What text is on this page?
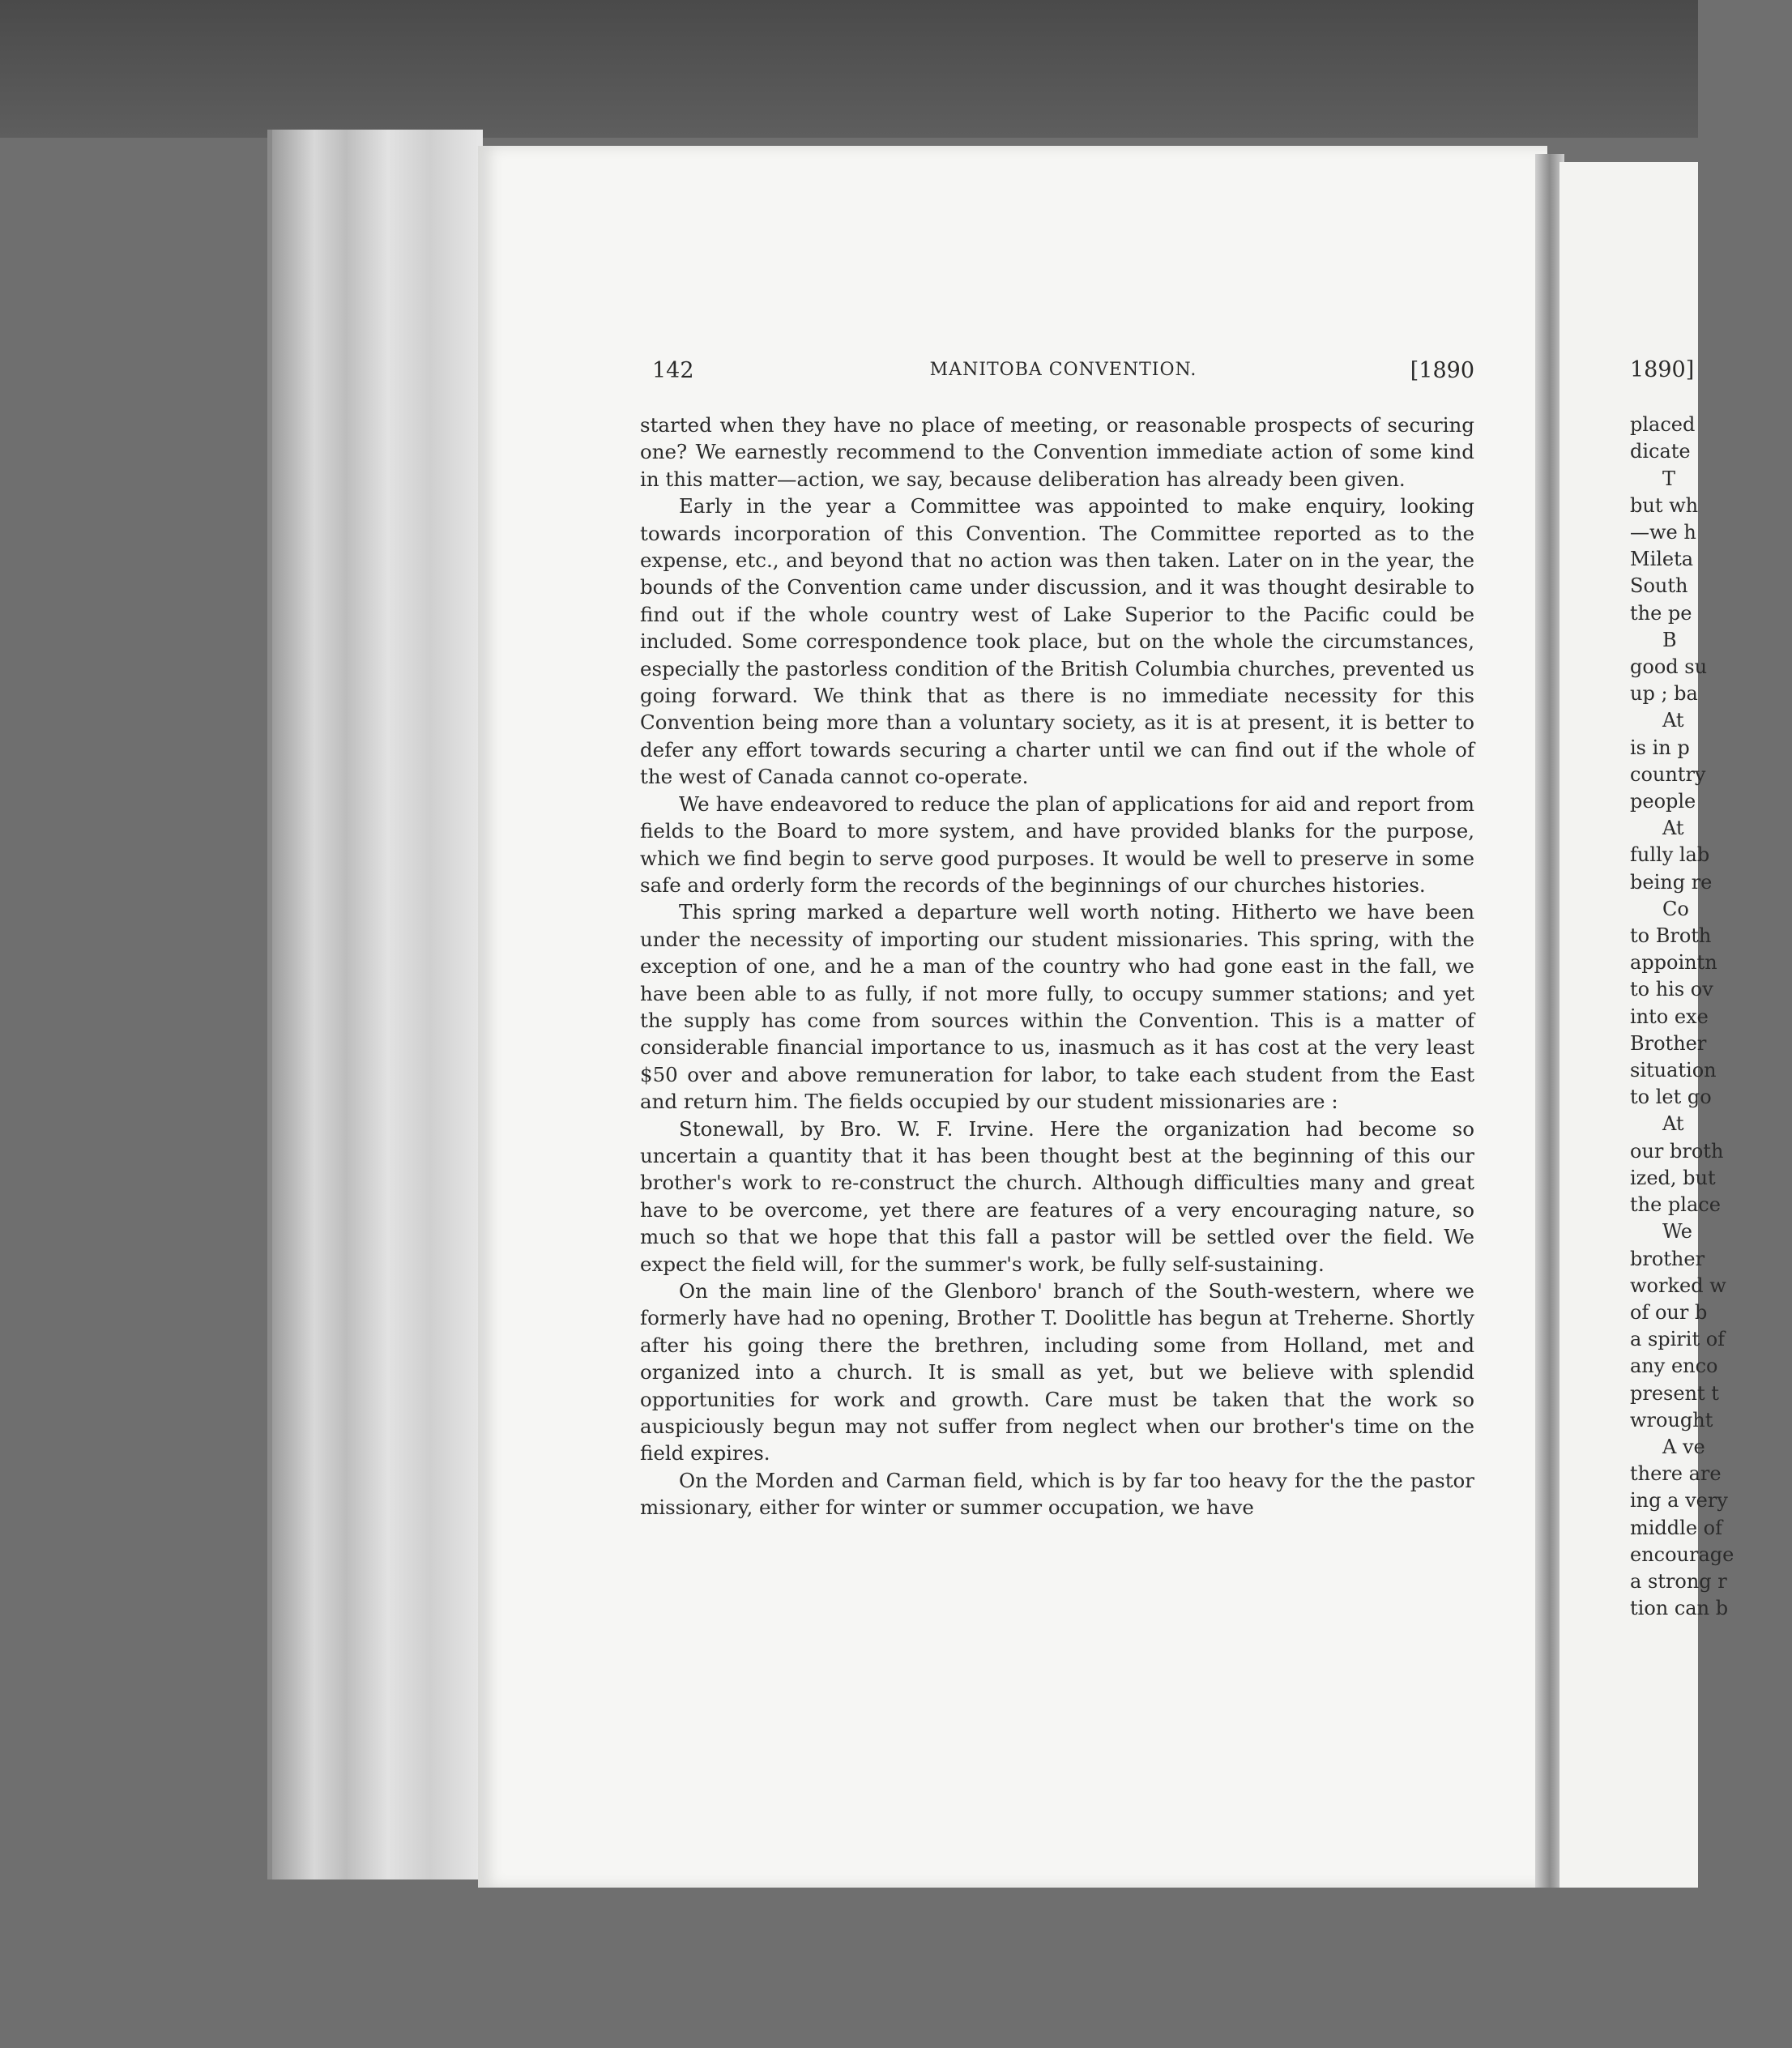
142	MANITOBA CONVENTION.	[1890

started when they have no place of meeting, or reasonable prospects of securing one? We earnestly recommend to the Convention immediate action of some kind in this matter—action, we say, because deliberation has already been given.

Early in the year a Committee was appointed to make enquiry, looking towards incorporation of this Convention. The Committee reported as to the expense, etc., and beyond that no action was then taken. Later on in the year, the bounds of the Convention came under discussion, and it was thought desirable to find out if the whole country west of Lake Superior to the Pacific could be included. Some correspondence took place, but on the whole the circumstances, especially the pastorless condition of the British Columbia churches, prevented us going forward. We think that as there is no immediate necessity for this Convention being more than a voluntary society, as it is at present, it is better to defer any effort towards securing a charter until we can find out if the whole of the west of Canada cannot co-operate.

We have endeavored to reduce the plan of applications for aid and report from fields to the Board to more system, and have provided blanks for the purpose, which we find begin to serve good purposes. It would be well to preserve in some safe and orderly form the records of the beginnings of our churches histories.

This spring marked a departure well worth noting. Hitherto we have been under the necessity of importing our student missionaries. This spring, with the exception of one, and he a man of the country who had gone east in the fall, we have been able to as fully, if not more fully, to occupy summer stations; and yet the supply has come from sources within the Convention. This is a matter of considerable financial importance to us, inasmuch as it has cost at the very least $50 over and above remuneration for labor, to take each student from the East and return him. The fields occupied by our student missionaries are :

Stonewall, by Bro. W. F. Irvine. Here the organization had become so uncertain a quantity that it has been thought best at the beginning of this our brother's work to re-construct the church. Although difficulties many and great have to be overcome, yet there are features of a very encouraging nature, so much so that we hope that this fall a pastor will be settled over the field. We expect the field will, for the summer's work, be fully self-sustaining.

On the main line of the Glenboro' branch of the South-western, where we formerly have had no opening, Brother T. Doolittle has begun at Treherne. Shortly after his going there the brethren, including some from Holland, met and organized into a church. It is small as yet, but we believe with splendid opportunities for work and growth. Care must be taken that the work so auspiciously begun may not suffer from neglect when our brother's time on the field expires.

On the Morden and Carman field, which is by far too heavy for the the pastor missionary, either for winter or summer occupation, we have

1890]
placed
dicate
T
but wh
—we h
Mileta
South
the pe
B
good su
up ; ba
At
is in p
country
people
At
fully lab
being re
Co
to Broth
appointn
to his ov
into exe
Brother
situation
to let go
At
our broth
ized, but
the place
We
brother
worked w
of our b
a spirit of
any enco
present t
wrought
A ve
there are
ing a very
middle of
encourage
a strong r
tion can b
